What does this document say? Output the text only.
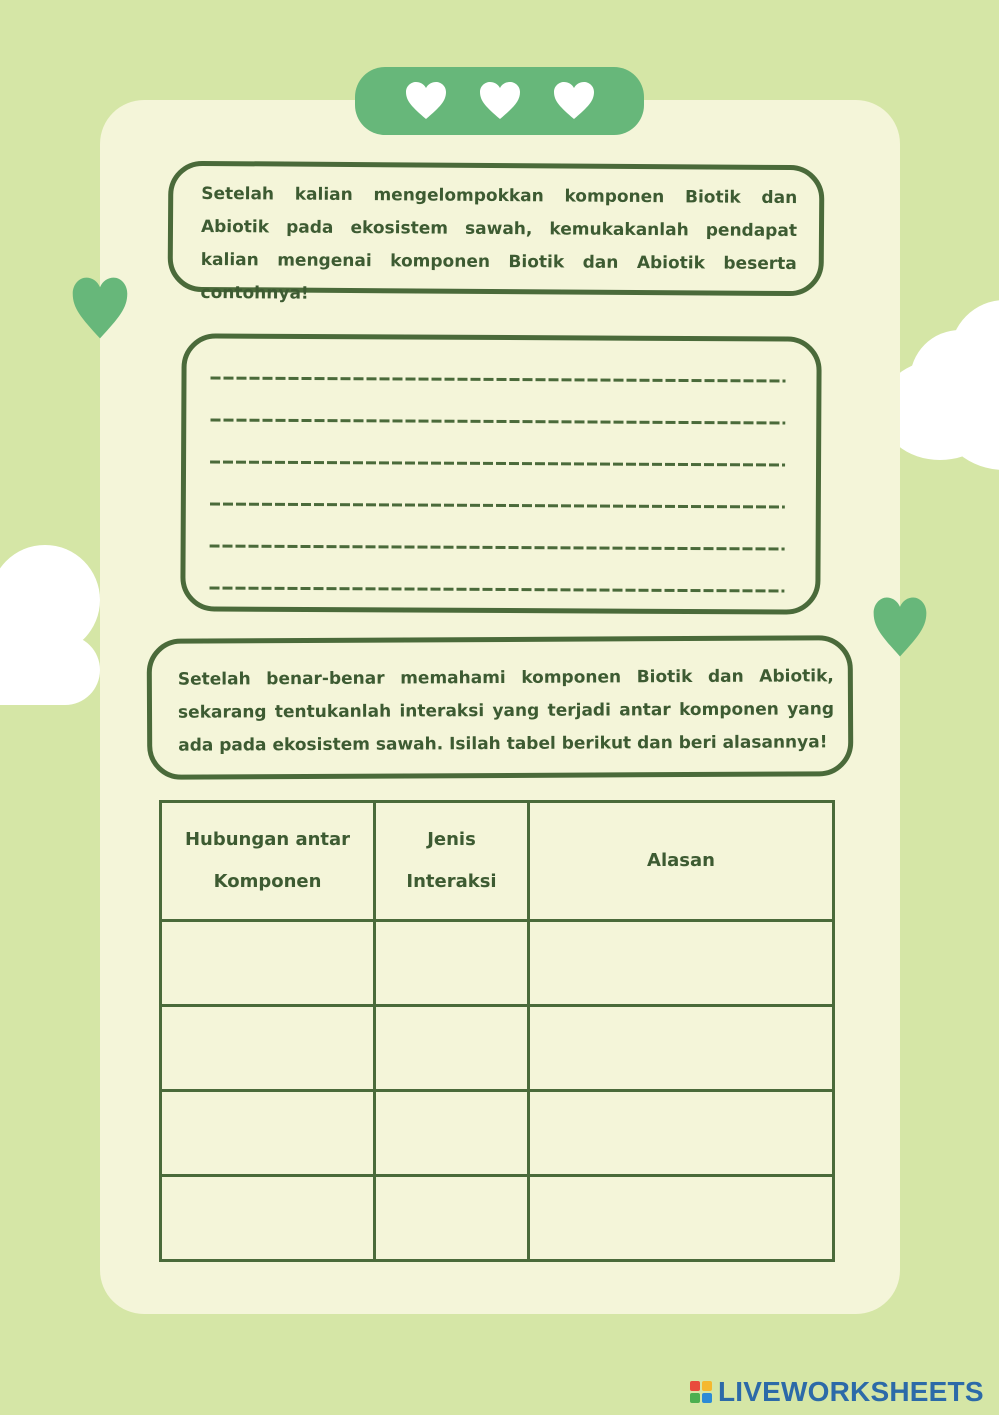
Setelah kalian mengelompokkan komponen Biotik dan Abiotik pada ekosistem sawah, kemukakanlah pendapat kalian mengenai komponen Biotik dan Abiotik beserta contohnya!
Setelah benar-benar memahami komponen Biotik dan Abiotik, sekarang tentukanlah interaksi yang terjadi antar komponen yang ada pada ekosistem sawah. Isilah tabel berikut dan beri alasannya!
Hubungan antar Komponen	Jenis Interaksi	Alasan

LIVEWORKSHEETS
